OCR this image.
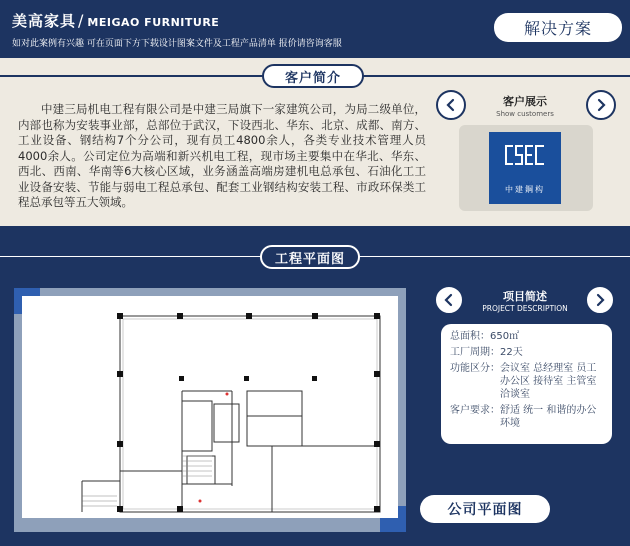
美高家具 / MEIGAO FURNITURE
如对此案例有兴趣 可在页面下方下载设计图案文件及工程产品清单 报价请咨询客服
解决方案
客户简介
中建三局机电工程有限公司是中建三局旗下一家建筑公司，为局二级单位，内部也称为安装事业部，总部位于武汉，下设西北、华东、北京、成都、南方、工业设备、钢结构7个分公司，现有员工4800余人，各类专业技术管理人员4000余人。公司定位为高端和新兴机电工程，现市场主要集中在华北、华东、西北、西南、华南等6大核心区域，业务涵盖高端房建机电总承包、石油化工工业设备安装、节能与弱电工程总承包、配套工业钢结构安装工程、市政环保类工程总承包等五大领域。
客户展示
Show customers
中建鋼构
工程平面图
项目简述
PROJECT DESCRIPTION
总面积： 650㎡
工厂周期： 22天
功能区分： 会议室 总经理室 员工办公区 接待室 主管室 洽谈室
客户要求： 舒适 统一 和谐的办公环境
公司平面图
